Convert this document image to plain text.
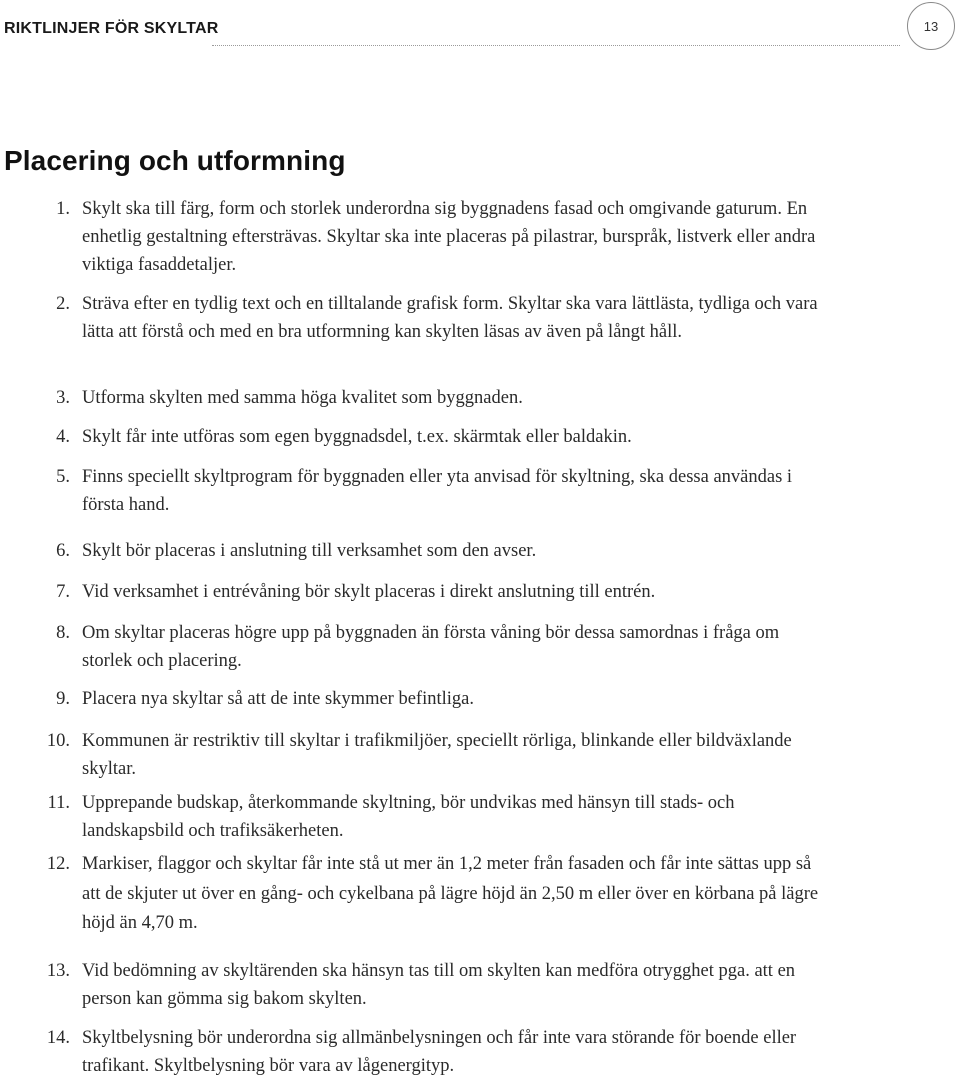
RIKTLINJER FÖR SKYLTAR	13
Placering och utformning
1. Skylt ska till färg, form och storlek underordna sig byggnadens fasad och omgivande gaturum. En enhetlig gestaltning eftersträvas. Skyltar ska inte placeras på pilastrar, burspråk, listverk eller andra viktiga fasaddetaljer.
2. Sträva efter en tydlig text och en tilltalande grafisk form. Skyltar ska vara lättlästa, tydliga och vara lätta att förstå och med en bra utformning kan skylten läsas av även på långt håll.
3. Utforma skylten med samma höga kvalitet som byggnaden.
4. Skylt får inte utföras som egen byggnadsdel, t.ex. skärmtak eller baldakin.
5. Finns speciellt skyltprogram för byggnaden eller yta anvisad för skyltning, ska dessa användas i första hand.
6. Skylt bör placeras i anslutning till verksamhet som den avser.
7. Vid verksamhet i entrévåning bör skylt placeras i direkt anslutning till entrén.
8. Om skyltar placeras högre upp på byggnaden än första våning bör dessa samordnas i fråga om storlek och placering.
9. Placera nya skyltar så att de inte skymmer befintliga.
10. Kommunen är restriktiv till skyltar i trafikmiljöer, speciellt rörliga, blinkande eller bildväxlande skyltar.
11. Upprepande budskap, återkommande skyltning, bör undvikas med hänsyn till stads- och landskapsbild och trafiksäkerheten.
12. Markiser, flaggor och skyltar får inte stå ut mer än 1,2 meter från fasaden och får inte sättas upp så att de skjuter ut över en gång- och cykelbana på lägre höjd än 2,50 m eller över en körbana på lägre höjd än 4,70 m.
13. Vid bedömning av skyltärenden ska hänsyn tas till om skylten kan medföra otrygghet pga. att en person kan gömma sig bakom skylten.
14. Skyltbelysning bör underordna sig allmänbelysningen och får inte vara störande för boende eller trafikant. Skyltbelysning bör vara av lågenergityp.
